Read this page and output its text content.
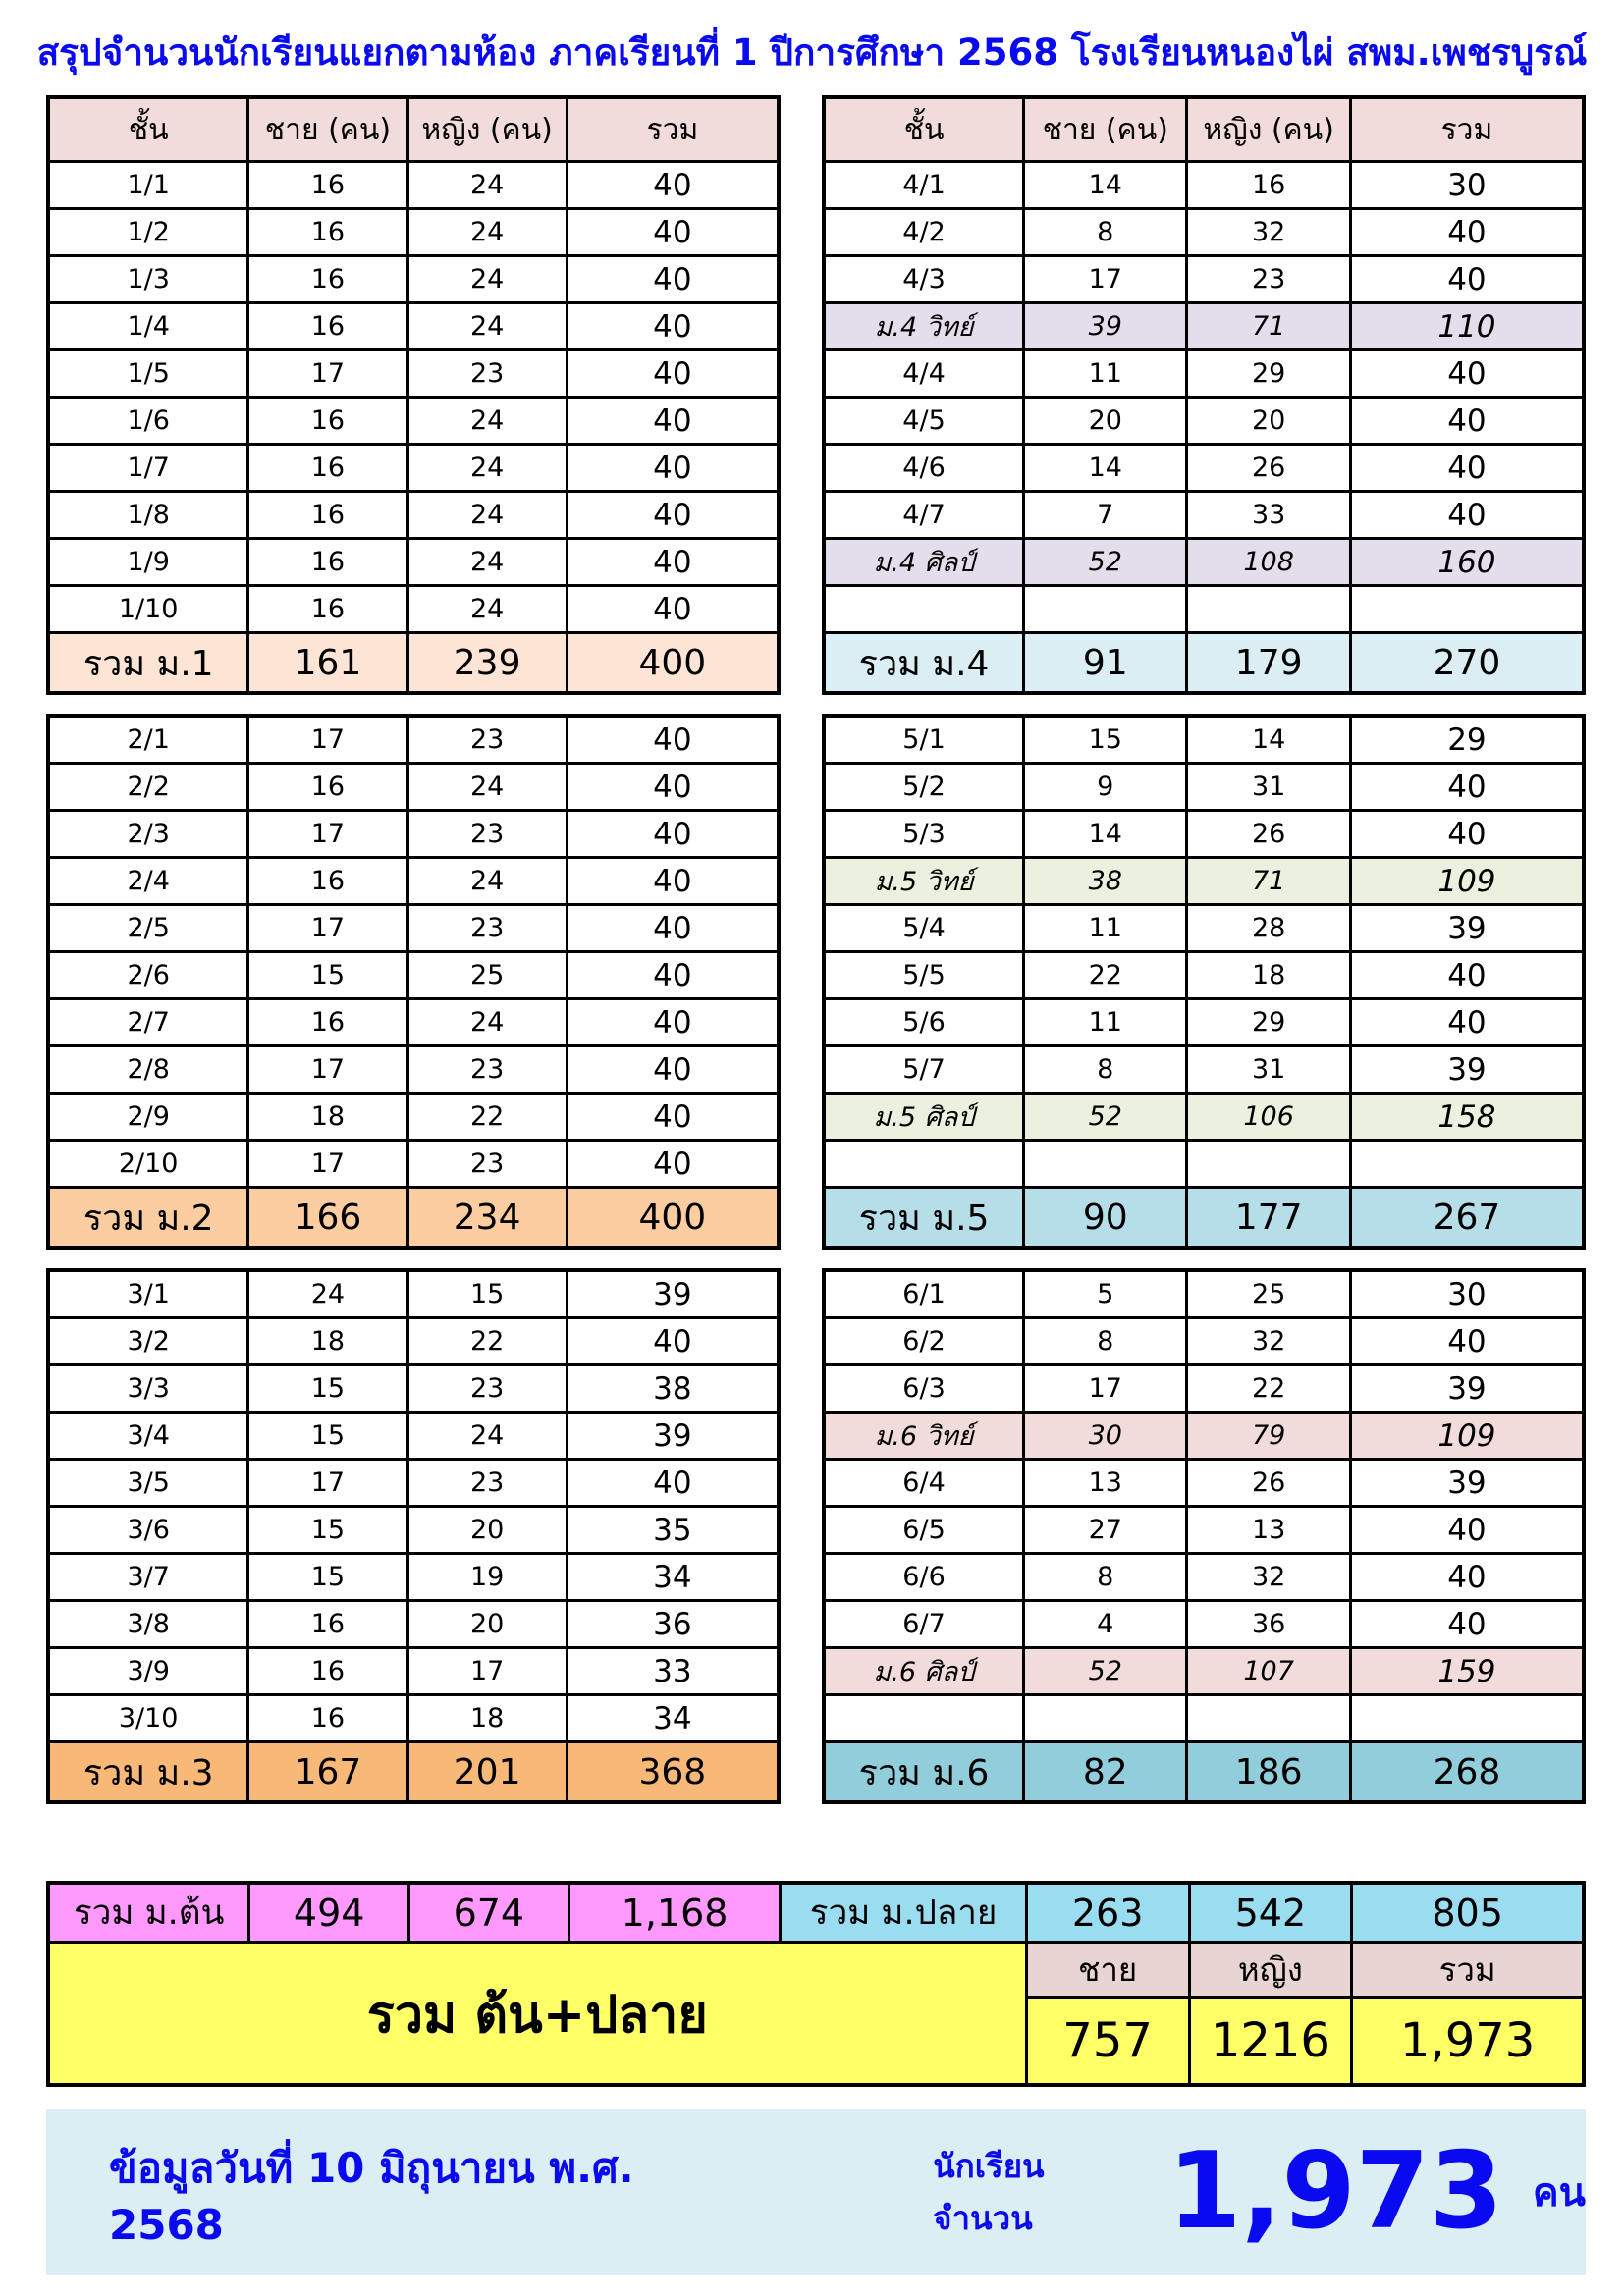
สรุปจำนวนนักเรียนแยกตามห้อง ภาคเรียนที่ 1 ปีการศึกษา 2568 โรงเรียนหนองไผ่ สพม.เพชรบูรณ์
ชั้น	ชาย (คน)	หญิง (คน)	รวม
1/1	16	24	40
1/2	16	24	40
1/3	16	24	40
1/4	16	24	40
1/5	17	23	40
1/6	16	24	40
1/7	16	24	40
1/8	16	24	40
1/9	16	24	40
1/10	16	24	40
รวม ม.1	161	239	400
2/1	17	23	40
2/2	16	24	40
2/3	17	23	40
2/4	16	24	40
2/5	17	23	40
2/6	15	25	40
2/7	16	24	40
2/8	17	23	40
2/9	18	22	40
2/10	17	23	40
รวม ม.2	166	234	400
3/1	24	15	39
3/2	18	22	40
3/3	15	23	38
3/4	15	24	39
3/5	17	23	40
3/6	15	20	35
3/7	15	19	34
3/8	16	20	36
3/9	16	17	33
3/10	16	18	34
รวม ม.3	167	201	368
ชั้น	ชาย (คน)	หญิง (คน)	รวม
4/1	14	16	30
4/2	8	32	40
4/3	17	23	40
ม.4 วิทย์	39	71	110
4/4	11	29	40
4/5	20	20	40
4/6	14	26	40
4/7	7	33	40
ม.4 ศิลป์	52	108	160

รวม ม.4	91	179	270
5/1	15	14	29
5/2	9	31	40
5/3	14	26	40
ม.5 วิทย์	38	71	109
5/4	11	28	39
5/5	22	18	40
5/6	11	29	40
5/7	8	31	39
ม.5 ศิลป์	52	106	158

รวม ม.5	90	177	267
6/1	5	25	30
6/2	8	32	40
6/3	17	22	39
ม.6 วิทย์	30	79	109
6/4	13	26	39
6/5	27	13	40
6/6	8	32	40
6/7	4	36	40
ม.6 ศิลป์	52	107	159

รวม ม.6	82	186	268
รวม ม.ต้น	494	674	1,168	รวม ม.ปลาย	263	542	805
รวม ต้น+ปลาย					ชาย	หญิง	รวม
					757	1216	1,973
ข้อมูลวันที่ 10 มิถุนายน พ.ศ. 2568
นักเรียนจำนวน	1,973 คน
